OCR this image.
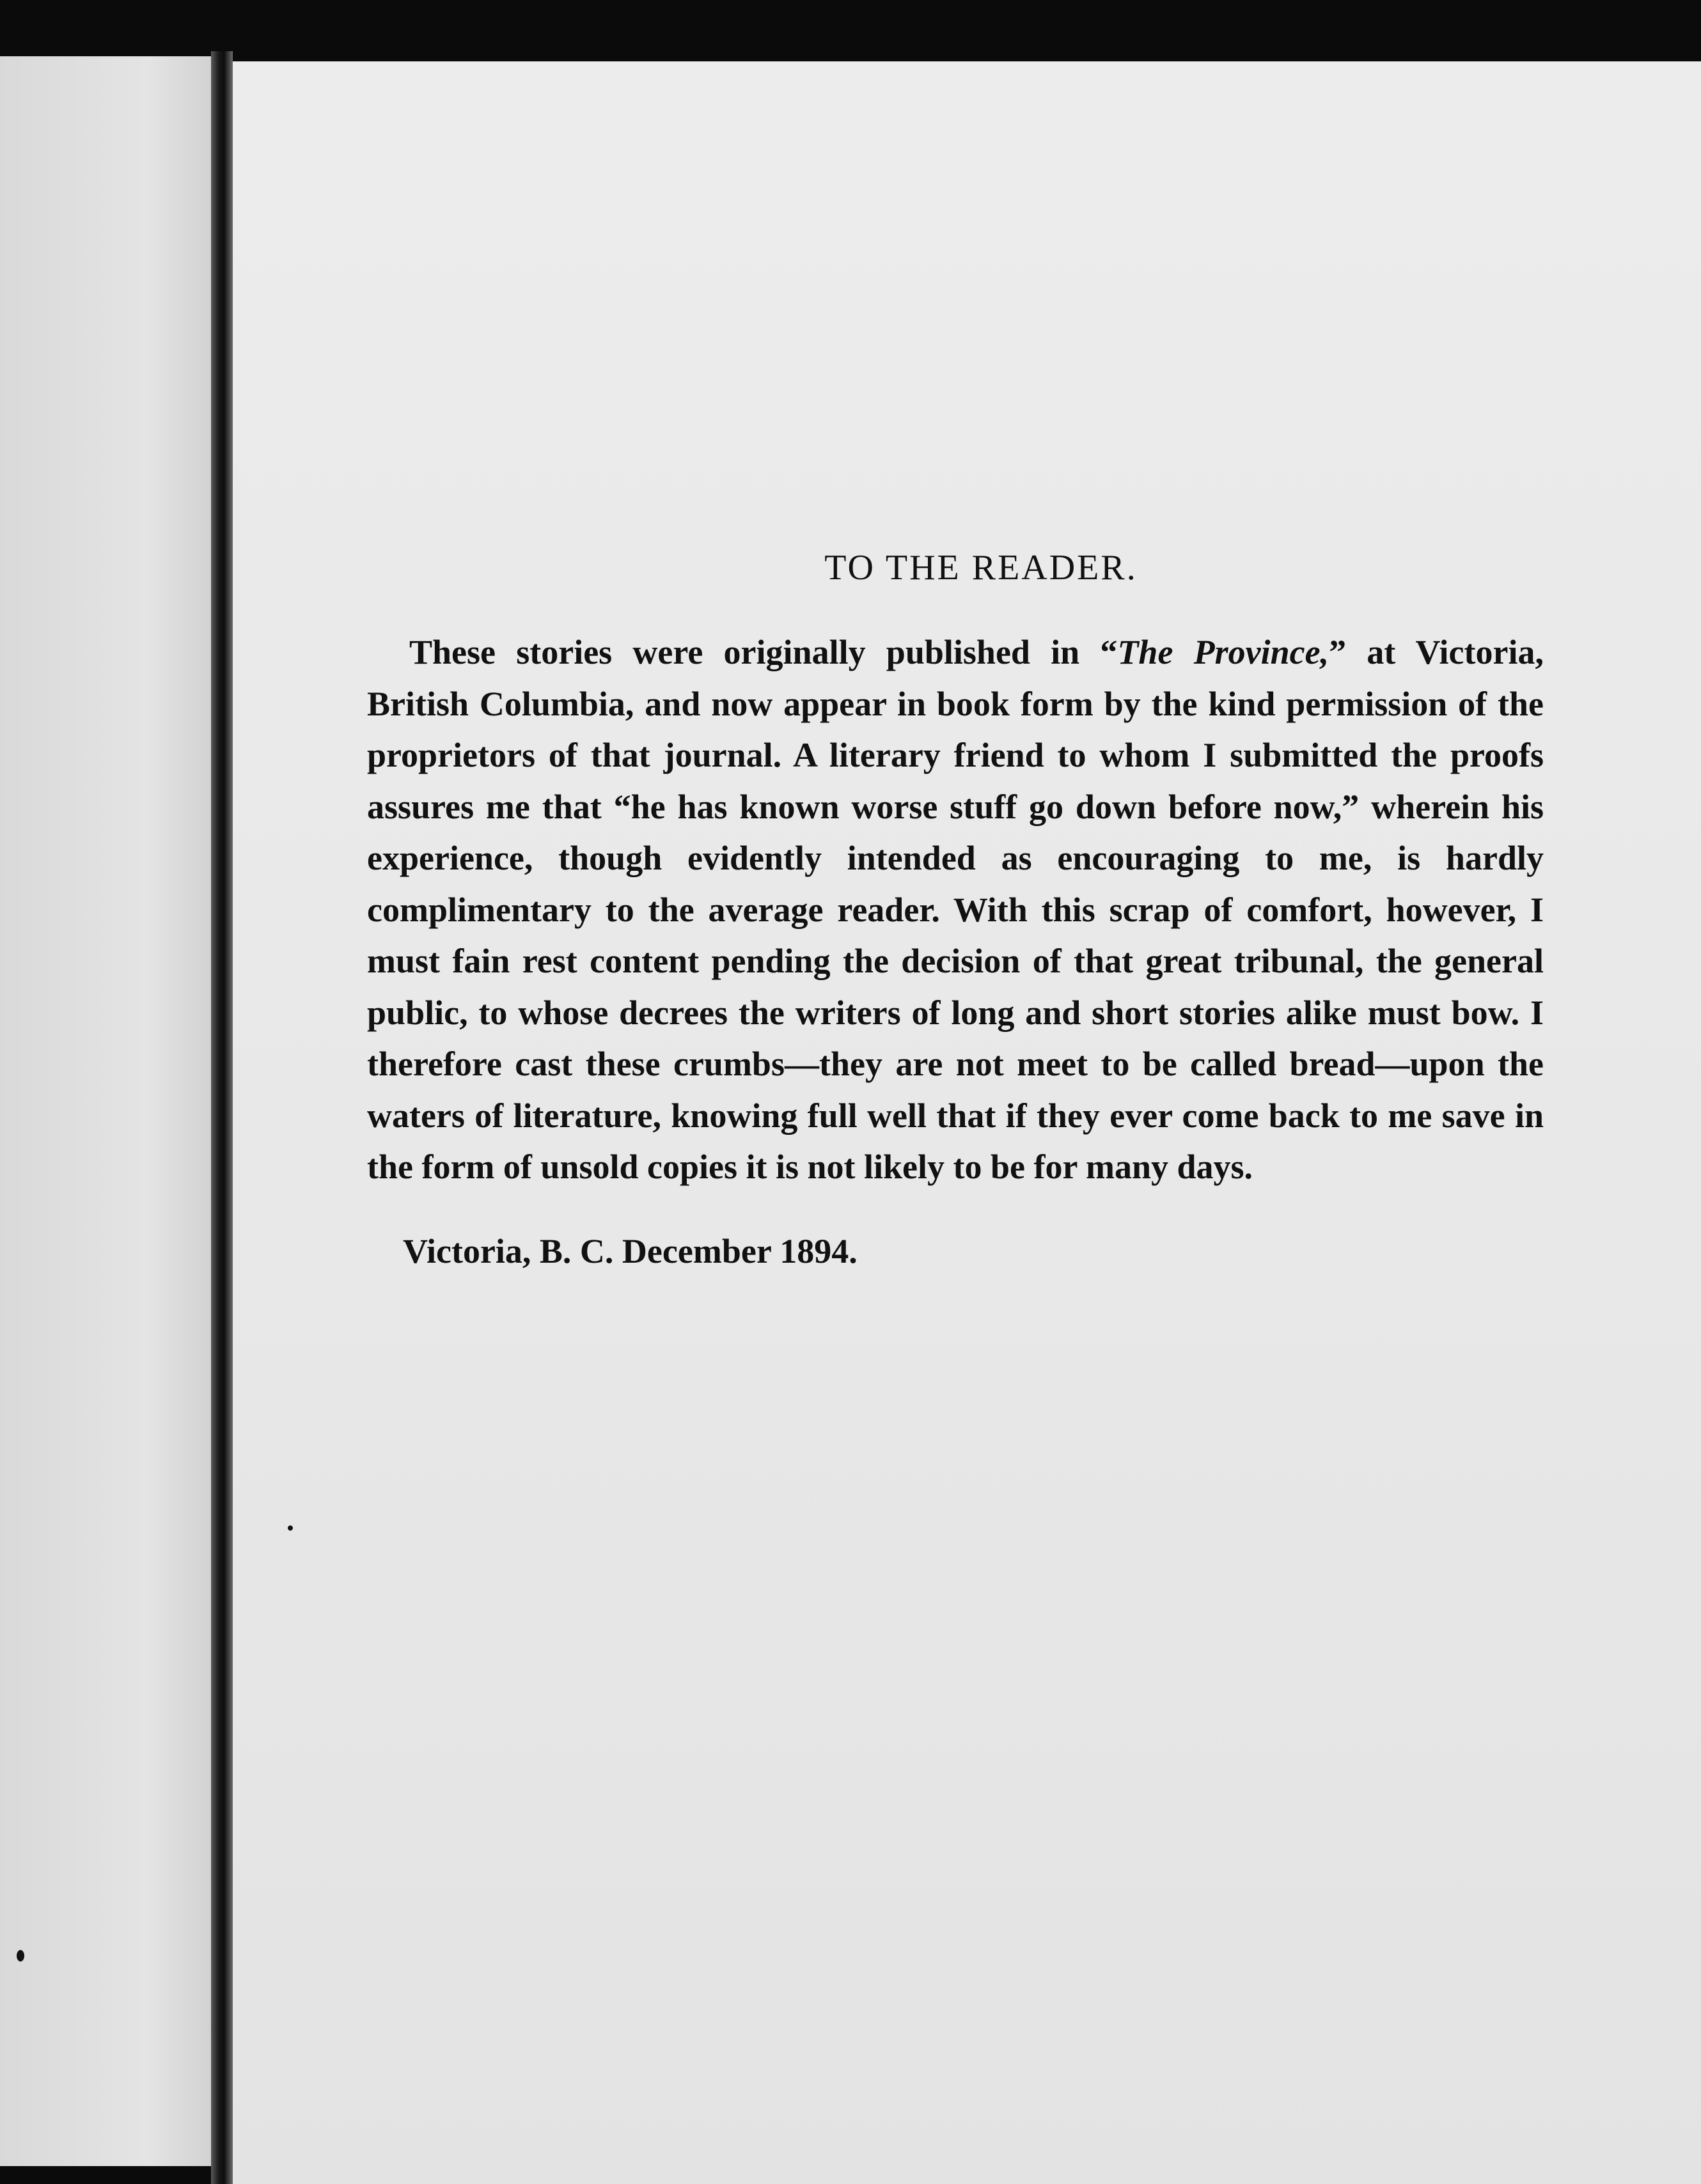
TO THE READER.

These stories were originally published in “The Province,” at Victoria, British Columbia, and now appear in book form by the kind permission of the proprietors of that journal. A literary friend to whom I submitted the proofs assures me that “he has known worse stuff go down before now,” wherein his experience, though evidently intended as encouraging to me, is hardly complimentary to the average reader. With this scrap of comfort, however, I must fain rest content pending the decision of that great tribunal, the general public, to whose decrees the writers of long and short stories alike must bow. I therefore cast these crumbs—they are not meet to be called bread—upon the waters of literature, knowing full well that if they ever come back to me save in the form of unsold copies it is not likely to be for many days.

Victoria, B. C. December 1894.
